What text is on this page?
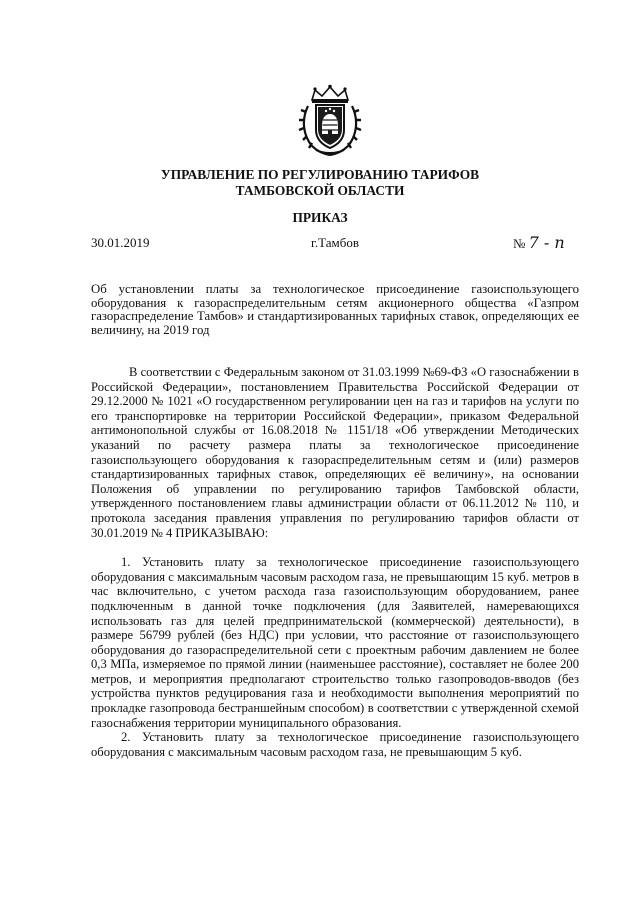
УПРАВЛЕНИЕ ПО РЕГУЛИРОВАНИЮ ТАРИФОВ
ТАМБОВСКОЙ ОБЛАСТИ
ПРИКАЗ
30.01.2019	г.Тамбов	№ 7 - п
Об установлении платы за технологическое присоединение газоиспользующего оборудования к газораспределительным сетям акционерного общества «Газпром газораспределение Тамбов» и стандартизированных тарифных ставок, определяющих ее величину, на 2019 год

В соответствии с Федеральным законом от 31.03.1999 №69-ФЗ «О газоснабжении в Российской Федерации», постановлением Правительства Российской Федерации от 29.12.2000 № 1021 «О государственном регулировании цен на газ и тарифов на услуги по его транспортировке на территории Российской Федерации», приказом Федеральной антимонопольной службы от 16.08.2018 № 1151/18 «Об утверждении Методических указаний по расчету размера платы за технологическое присоединение газоиспользующего оборудования к газораспределительным сетям и (или) размеров стандартизированных тарифных ставок, определяющих её величину», на основании Положения об управлении по регулированию тарифов Тамбовской области, утвержденного постановлением главы администрации области от 06.11.2012 № 110, и протокола заседания правления управления по регулированию тарифов области от 30.01.2019 № 4 ПРИКАЗЫВАЮ:

1. Установить плату за технологическое присоединение газоиспользующего оборудования с максимальным часовым расходом газа, не превышающим 15 куб. метров в час включительно, с учетом расхода газа газоиспользующим оборудованием, ранее подключенным в данной точке подключения (для Заявителей, намеревающихся использовать газ для целей предпринимательской (коммерческой) деятельности), в размере 56799 рублей (без НДС) при условии, что расстояние от газоиспользующего оборудования до газораспределительной сети с проектным рабочим давлением не более 0,3 МПа, измеряемое по прямой линии (наименьшее расстояние), составляет не более 200 метров, и мероприятия предполагают строительство только газопроводов-вводов (без устройства пунктов редуцирования газа и необходимости выполнения мероприятий по прокладке газопровода бестраншейным способом) в соответствии с утвержденной схемой газоснабжения территории муниципального образования.

2. Установить плату за технологическое присоединение газоиспользующего оборудования с максимальным часовым расходом газа, не превышающим 5 куб.
